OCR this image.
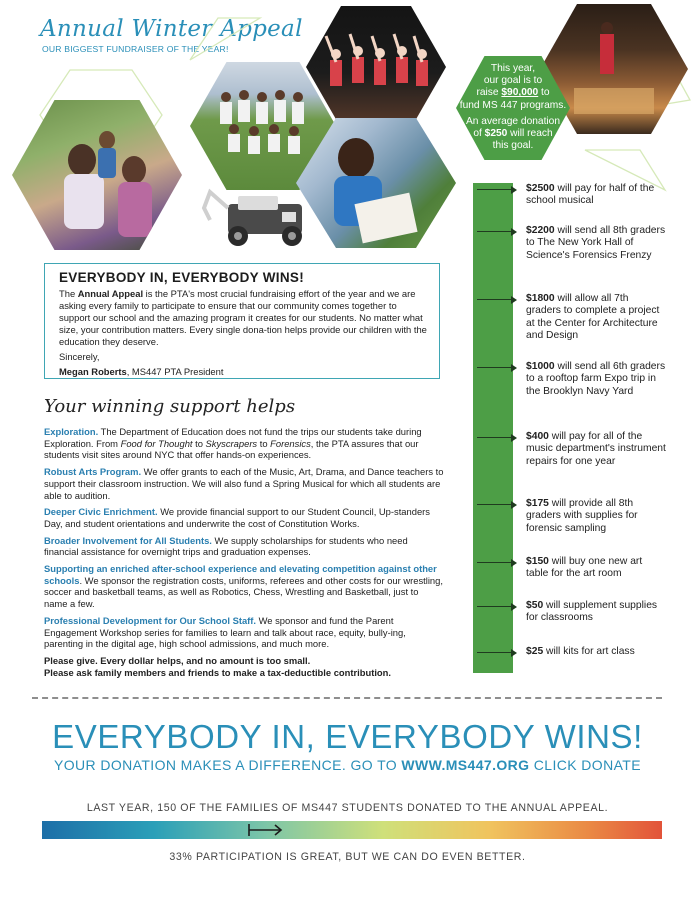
Annual Winter Appeal
OUR BIGGEST FUNDRAISER OF THE YEAR!
This year,
our goal is to
raise $90,000 to
fund MS 447 programs.
An average donation
of $250 will reach
this goal.
EVERYBODY IN, EVERYBODY WINS!
The Annual Appeal is the PTA's most crucial fundraising effort of the year and we are asking every family to participate to ensure that our community comes together to support our school and the amazing program it creates for our students. No matter what size, your contribution matters. Every single dona-tion helps provide our children with the education they deserve.
Sincerely,
Megan Roberts, MS447 PTA President
Your winning support helps
Exploration. The Department of Education does not fund the trips our students take during Exploration. From Food for Thought to Skyscrapers to Forensics, the PTA assures that our students visit sites around NYC that offer hands-on experiences.
Robust Arts Program. We offer grants to each of the Music, Art, Drama, and Dance teachers to support their classroom instruction. We will also fund a Spring Musical for which all students are able to audition.
Deeper Civic Enrichment. We provide financial support to our Student Council, Up-standers Day, and student orientations and underwrite the cost of Constitution Works.
Broader Involvement for All Students. We supply scholarships for students who need financial assistance for overnight trips and graduation expenses.
Supporting an enriched after-school experience and elevating competition against other schools. We sponsor the registration costs, uniforms, referees and other costs for our wrestling, soccer and basketball teams, as well as Robotics, Chess, Wrestling and Basketball, just to name a few.
Professional Development for Our School Staff. We sponsor and fund the Parent Engagement Workshop series for families to learn and talk about race, equity, bully-ing, parenting in the digital age, high school admissions, and much more.
Please give. Every dollar helps, and no amount is too small.
Please ask family members and friends to make a tax-deductible contribution.
$2500 will pay for half of the school musical
$2200 will send all 8th graders to The New York Hall of Science's Forensics Frenzy
$1800 will allow all 7th graders to complete a project at the Center for Architecture and Design
$1000 will send all 6th graders to a rooftop farm Expo trip in the Brooklyn Navy Yard
$400 will pay for all of the music department's instrument repairs for one year
$175 will provide all 8th graders with supplies for forensic sampling
$150 will buy one new art table for the art room
$50 will supplement supplies for classrooms
$25 will kits for art class
EVERYBODY IN, EVERYBODY WINS!
YOUR DONATION MAKES A DIFFERENCE. GO TO WWW.MS447.ORG CLICK DONATE
LAST YEAR, 150 OF THE FAMILIES OF MS447 STUDENTS DONATED TO THE ANNUAL APPEAL.
33% PARTICIPATION IS GREAT, BUT WE CAN DO EVEN BETTER.
